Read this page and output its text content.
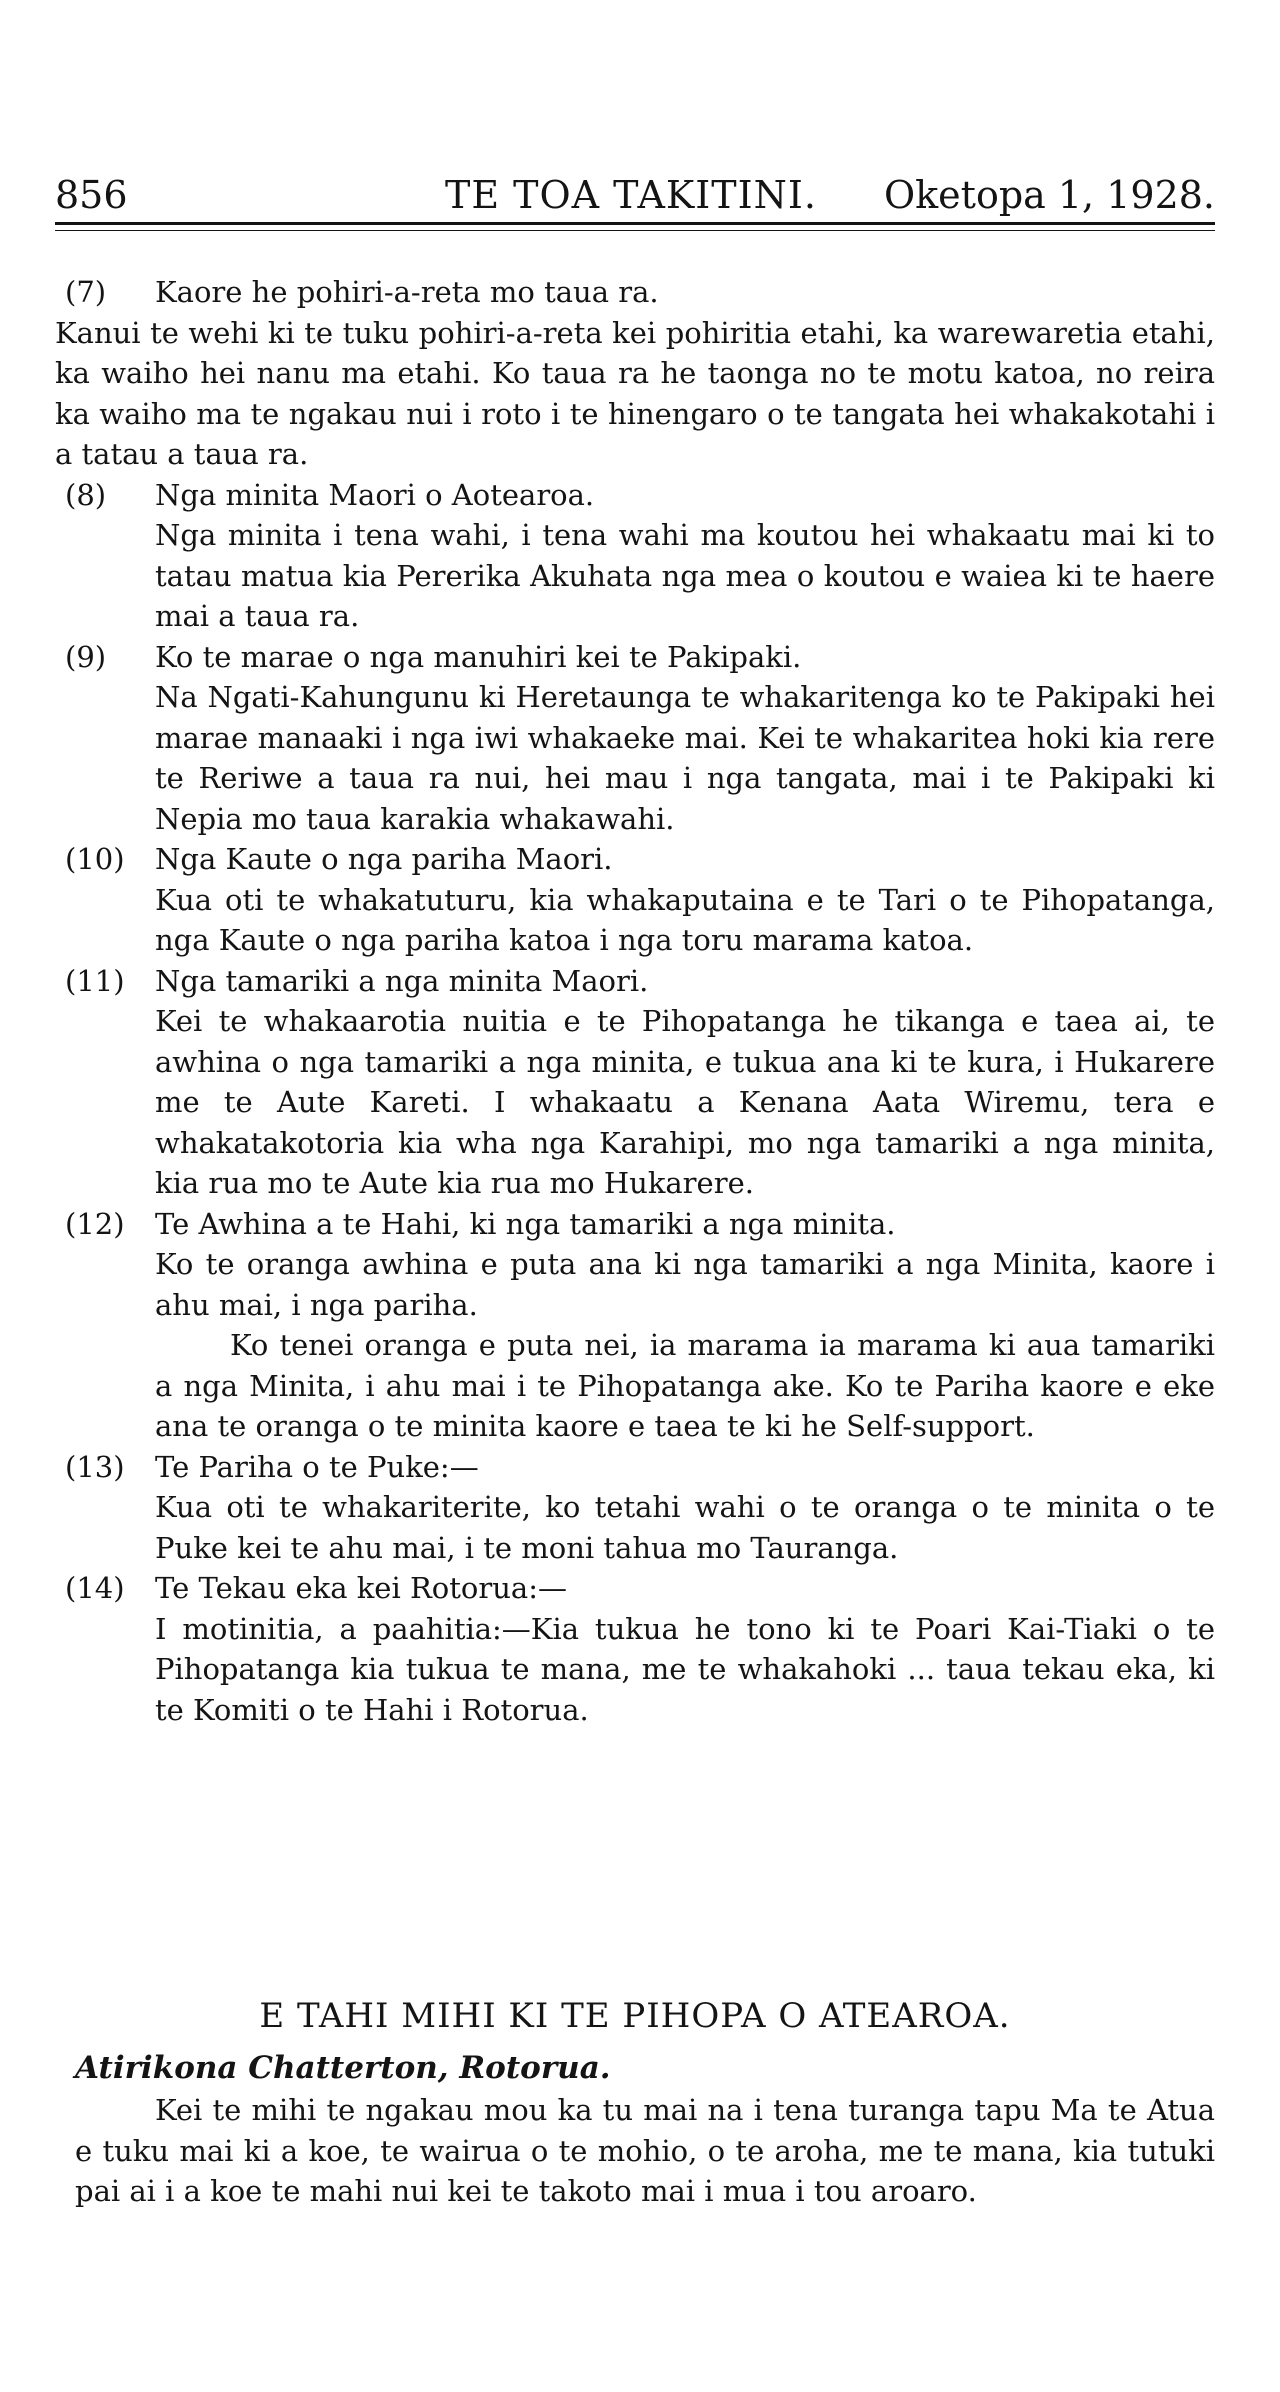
856	TE TOA TAKITINI. Oketopa 1, 1928.
(7)	Kaore he pohiri-a-reta mo taua ra.
Kanui te wehi ki te tuku pohiri-a-reta kei pohiritia etahi, ka warewaretia etahi, ka waiho hei nanu ma etahi. Ko taua ra he taonga no te motu katoa, no reira ka waiho ma te ngakau nui i roto i te hinengaro o te tangata hei whakakotahi i a tatau a taua ra.
(8)	Nga minita Maori o Aotearoa.
Nga minita i tena wahi, i tena wahi ma koutou hei whakaatu mai ki to tatau matua kia Pererika Akuhata nga mea o koutou e waiea ki te haere mai a taua ra.
(9)	Ko te marae o nga manuhiri kei te Pakipaki.
Na Ngati-Kahungunu ki Heretaunga te whakaritenga ko te Pakipaki hei marae manaaki i nga iwi whakaeke mai. Kei te whakaritea hoki kia rere te Reriwe a taua ra nui, hei mau i nga tangata, mai i te Pakipaki ki Nepia mo taua karakia whakawahi.
(10)	Nga Kaute o nga pariha Maori.
Kua oti te whakatuturu, kia whakaputaina e te Tari o te Pihopatanga, nga Kaute o nga pariha katoa i nga toru marama katoa.
(11)	Nga tamariki a nga minita Maori.
Kei te whakaarotia nuitia e te Pihopatanga he tikanga e taea ai, te awhina o nga tamariki a nga minita, e tukua ana ki te kura, i Hukarere me te Aute Kareti. I whakaatu a Kenana Aata Wiremu, tera e whakatakotoria kia wha nga Karahipi, mo nga tamariki a nga minita, kia rua mo te Aute kia rua mo Hukarere.
(12)	Te Awhina a te Hahi, ki nga tamariki a nga minita.
Ko te oranga awhina e puta ana ki nga tamariki a nga Minita, kaore i ahu mai, i nga pariha.
Ko tenei oranga e puta nei, ia marama ia marama ki aua tamariki a nga Minita, i ahu mai i te Pihopatanga ake. Ko te Pariha kaore e eke ana te oranga o te minita kaore e taea te ki he Self-support.
(13)	Te Pariha o te Puke:—
Kua oti te whakariterite, ko tetahi wahi o te oranga o te minita o te Puke kei te ahu mai, i te moni tahua mo Tauranga.
(14)	Te Tekau eka kei Rotorua:—
I motinitia, a paahitia:—Kia tukua he tono ki te Poari Kai-Tiaki o te Pihopatanga kia tukua te mana, me te whakahoki ... taua tekau eka, ki te Komiti o te Hahi i Rotorua.
E TAHI MIHI KI TE PIHOPA O ATEAROA.
Atirikona Chatterton, Rotorua.
Kei te mihi te ngakau mou ka tu mai na i tena turanga tapu Ma te Atua e tuku mai ki a koe, te wairua o te mohio, o te aroha, me te mana, kia tutuki pai ai i a koe te mahi nui kei te takoto mai i mua i tou aroaro.
